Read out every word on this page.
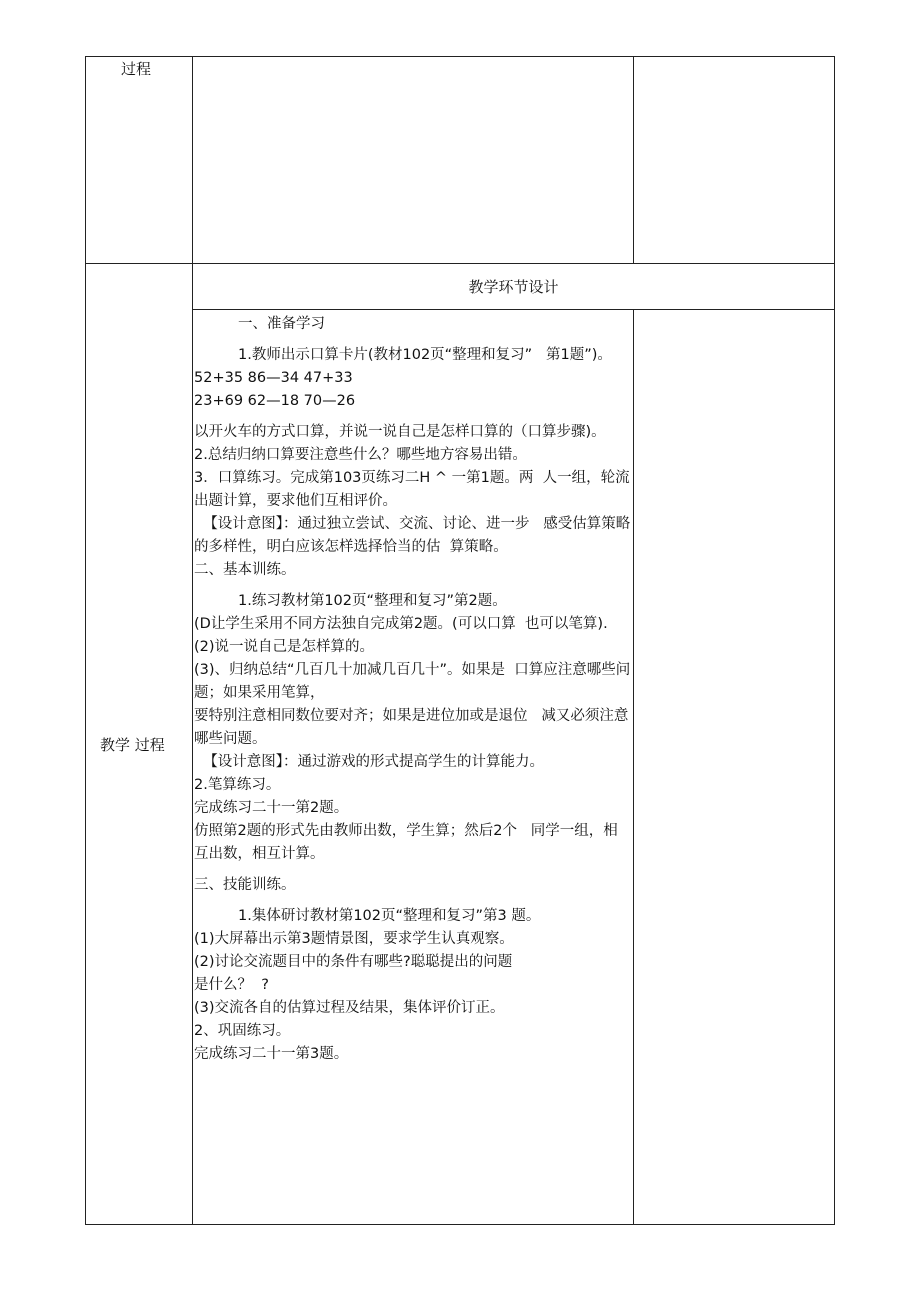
过程
教学 过程
教学环节设计

一、准备学习

1.教师出示口算卡片(教材102页“整理和复习”   第1题”)。

52+35 86—34 47+33

23+69 62—18 70—26

以开火车的方式口算，并说一说自己是怎样口算的（口算步骤)。

2.总结归纳口算要注意些什么？哪些地方容易出错。

3．口算练习。完成第103页练习二H ^ 一第1题。两  人一组，轮流出题计算，要求他们互相评价。

【设计意图】：通过独立尝试、交流、讨论、进一步   感受估算策略的多样性，明白应该怎样选择恰当的估  算策略。

二、基本训练。

1.练习教材第102页“整理和复习”第2题。

(D让学生采用不同方法独自完成第2题。(可以口算  也可以笔算).

(2)说一说自己是怎样算的。

(3)、归纳总结“几百几十加减几百几十”。如果是  口算应注意哪些问题；如果采用笔算，

要特别注意相同数位要对齐；如果是进位加或是退位   减又必须注意哪些问题。

【设计意图】：通过游戏的形式提高学生的计算能力。

2.笔算练习。

完成练习二十一第2题。

仿照第2题的形式先由教师出数，学生算；然后2个   同学一组，相互出数，相互计算。

三、技能训练。

1.集体研讨教材第102页“整理和复习”第3 题。

(1)大屏幕出示第3题情景图，要求学生认真观察。

(2)讨论交流题目中的条件有哪些?聪聪提出的问题

是什么？  ?

(3)交流各自的估算过程及结果，集体评价订正。

2、巩固练习。

完成练习二十一第3题。
